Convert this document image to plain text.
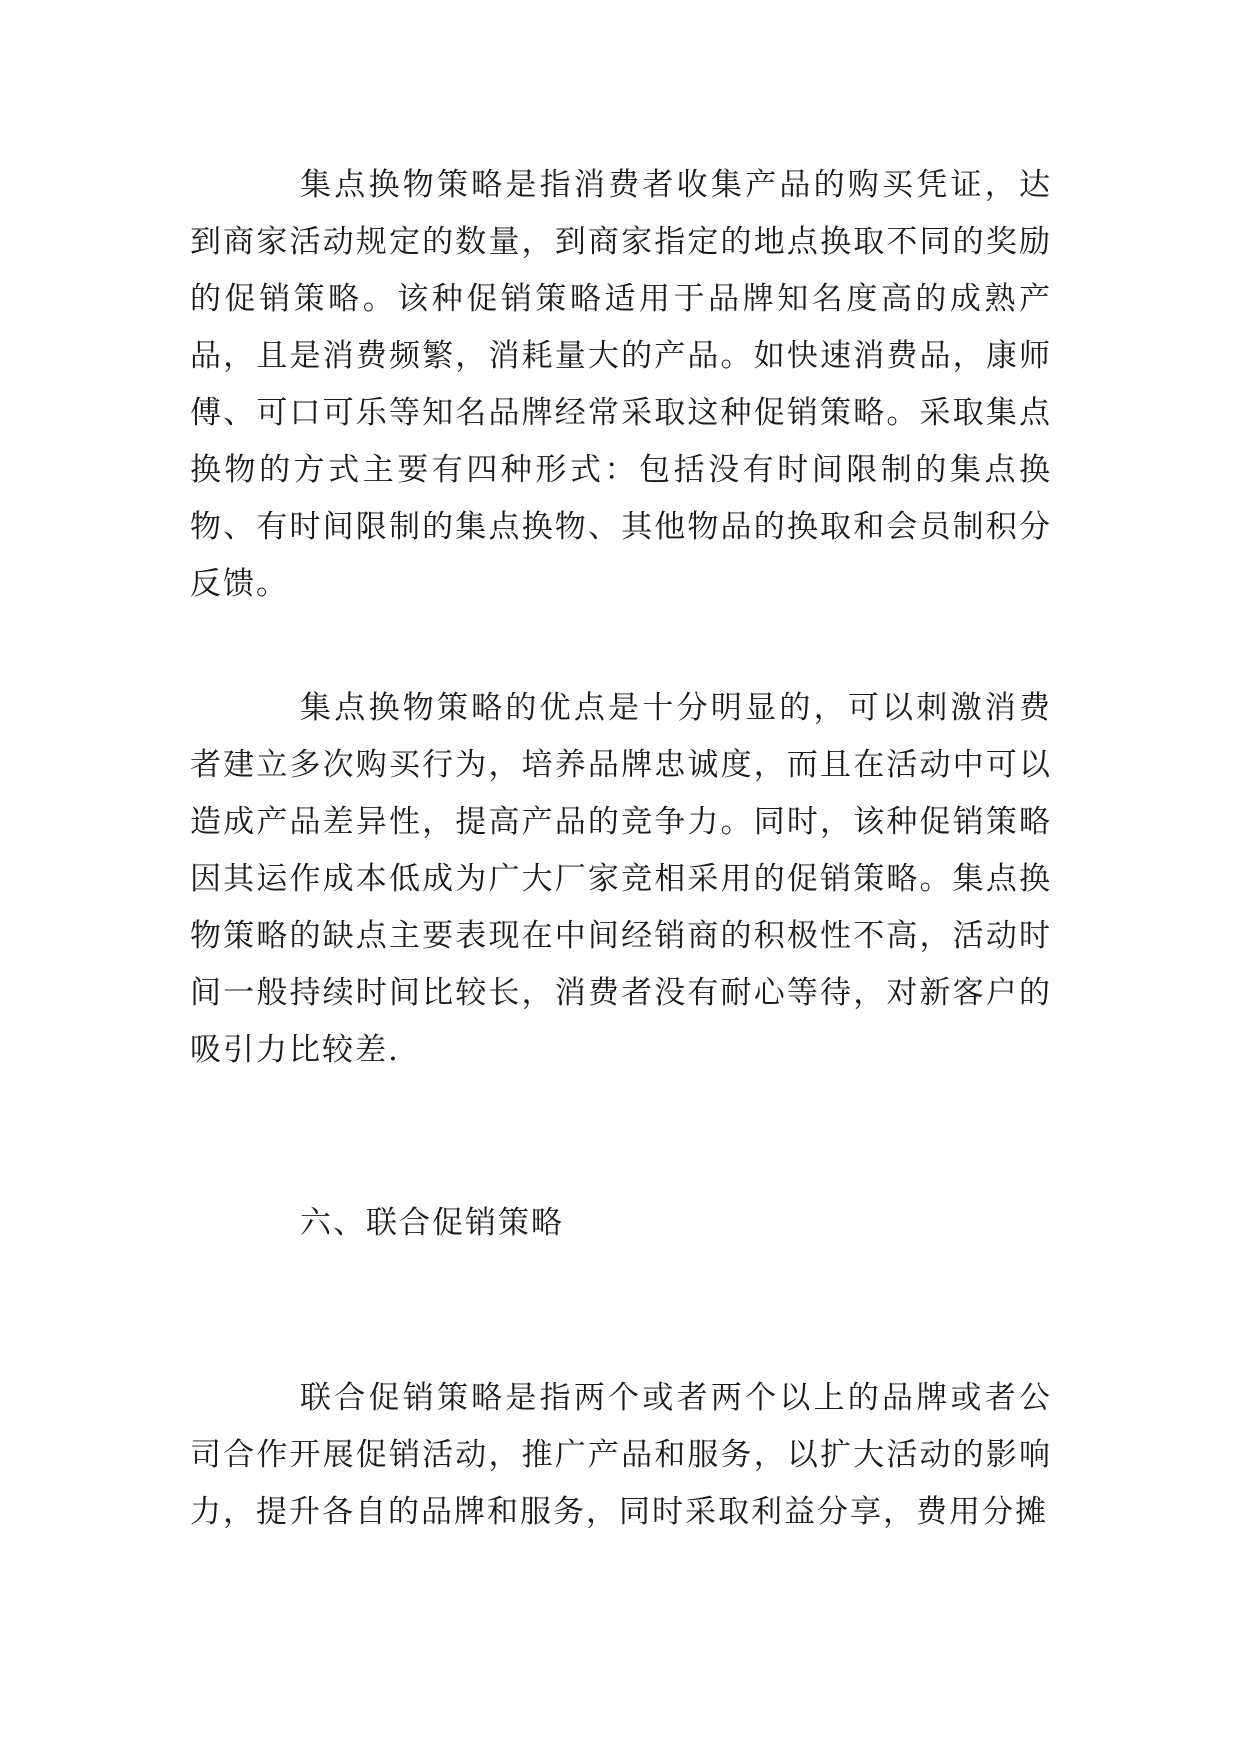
集点换物策略是指消费者收集产品的购买凭证，达到商家活动规定的数量，到商家指定的地点换取不同的奖励的促销策略。该种促销策略适用于品牌知名度高的成熟产品，且是消费频繁，消耗量大的产品。如快速消费品，康师傅、可口可乐等知名品牌经常采取这种促销策略。采取集点换物的方式主要有四种形式：包括没有时间限制的集点换物、有时间限制的集点换物、其他物品的换取和会员制积分反馈。

集点换物策略的优点是十分明显的，可以刺激消费者建立多次购买行为，培养品牌忠诚度，而且在活动中可以造成产品差异性，提高产品的竞争力。同时，该种促销策略因其运作成本低成为广大厂家竞相采用的促销策略。集点换物策略的缺点主要表现在中间经销商的积极性不高，活动时间一般持续时间比较长，消费者没有耐心等待，对新客户的吸引力比较差.

六、联合促销策略

联合促销策略是指两个或者两个以上的品牌或者公司合作开展促销活动，推广产品和服务，以扩大活动的影响力，提升各自的品牌和服务，同时采取利益分享，费用分摊
